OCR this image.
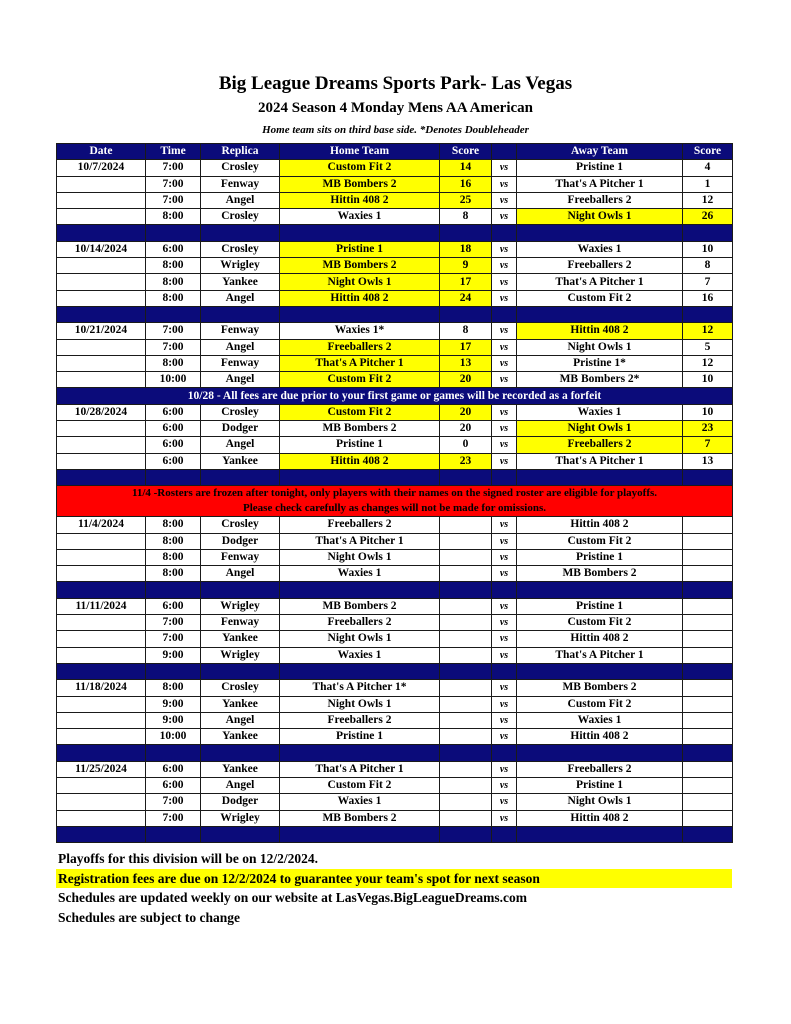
Big League Dreams Sports Park- Las Vegas
2024 Season 4 Monday Mens AA American
Home team sits on third base side. *Denotes Doubleheader
Date	Time	Replica	Home Team	Score		Away Team	Score
10/7/2024	7:00	Crosley	Custom Fit 2	14	vs	Pristine 1	4
	7:00	Fenway	MB Bombers 2	16	vs	That's A Pitcher 1	1
	7:00	Angel	Hittin 408 2	25	vs	Freeballers 2	12
	8:00	Crosley	Waxies 1	8	vs	Night Owls 1	26

10/14/2024	6:00	Crosley	Pristine 1	18	vs	Waxies 1	10
	8:00	Wrigley	MB Bombers 2	9	vs	Freeballers 2	8
	8:00	Yankee	Night Owls 1	17	vs	That's A Pitcher 1	7
	8:00	Angel	Hittin 408 2	24	vs	Custom Fit 2	16

10/21/2024	7:00	Fenway	Waxies 1*	8	vs	Hittin 408 2	12
	7:00	Angel	Freeballers 2	17	vs	Night Owls 1	5
	8:00	Fenway	That's A Pitcher 1	13	vs	Pristine 1*	12
	10:00	Angel	Custom Fit 2	20	vs	MB Bombers 2*	10
10/28 - All fees are due prior to your first game or games will be recorded as a forfeit							
10/28/2024	6:00	Crosley	Custom Fit 2	20	vs	Waxies 1	10
	6:00	Dodger	MB Bombers 2	20	vs	Night Owls 1	23
	6:00	Angel	Pristine 1	0	vs	Freeballers 2	7
	6:00	Yankee	Hittin 408 2	23	vs	That's A Pitcher 1	13

11/4 -Rosters are frozen after tonight, only players with their names on the signed roster are eligible for playoffs.
Please check carefully as changes will not be made for omissions.							

11/4/2024	8:00	Crosley	Freeballers 2		vs	Hittin 408 2	
	8:00	Dodger	That's A Pitcher 1		vs	Custom Fit 2	
	8:00	Fenway	Night Owls 1		vs	Pristine 1	
	8:00	Angel	Waxies 1		vs	MB Bombers 2	

11/11/2024	6:00	Wrigley	MB Bombers 2		vs	Pristine 1	
	7:00	Fenway	Freeballers 2		vs	Custom Fit 2	
	7:00	Yankee	Night Owls 1		vs	Hittin 408 2	
	9:00	Wrigley	Waxies 1		vs	That's A Pitcher 1	

11/18/2024	8:00	Crosley	That's A Pitcher 1*		vs	MB Bombers 2	
	9:00	Yankee	Night Owls 1		vs	Custom Fit 2	
	9:00	Angel	Freeballers 2		vs	Waxies 1	
	10:00	Yankee	Pristine 1		vs	Hittin 408 2	

11/25/2024	6:00	Yankee	That's A Pitcher 1		vs	Freeballers 2	
	6:00	Angel	Custom Fit 2		vs	Pristine 1	
	7:00	Dodger	Waxies 1		vs	Night Owls 1	
	7:00	Wrigley	MB Bombers 2		vs	Hittin 408 2	

Playoffs for this division will be on 12/2/2024.
Registration fees are due on 12/2/2024 to guarantee your team's spot for next season
Schedules are updated weekly on our website at LasVegas.BigLeagueDreams.com
Schedules are subject to change
